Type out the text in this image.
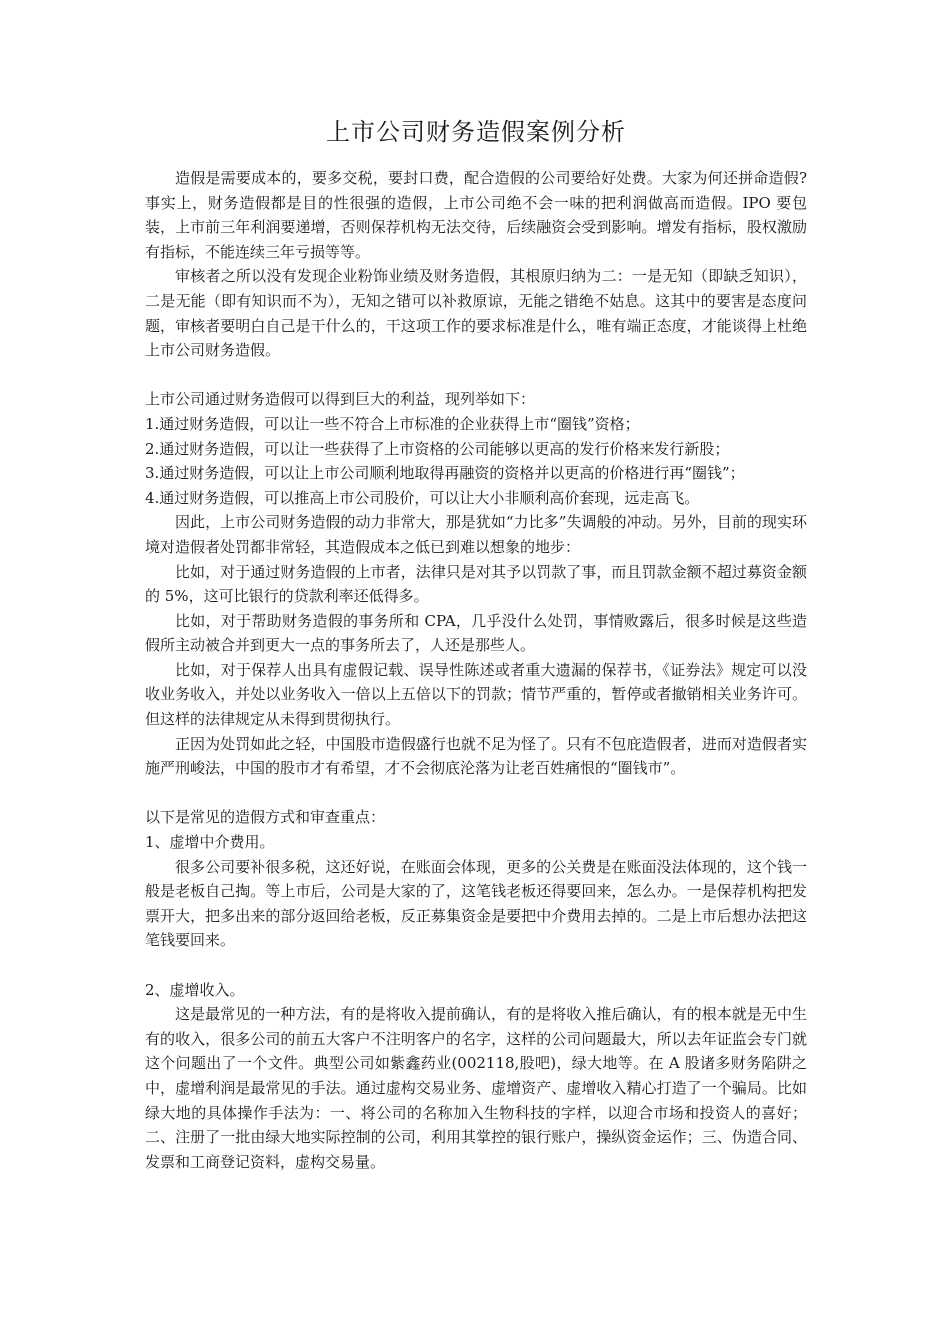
上市公司财务造假案例分析

造假是需要成本的，要多交税，要封口费，配合造假的公司要给好处费。大家为何还拼命造假?事实上，财务造假都是目的性很强的造假，上市公司绝不会一味的把利润做高而造假。IPO 要包装，上市前三年利润要递增，否则保荐机构无法交待，后续融资会受到影响。增发有指标，股权激励有指标，不能连续三年亏损等等。

审核者之所以没有发现企业粉饰业绩及财务造假，其根原归纳为二：一是无知（即缺乏知识），二是无能（即有知识而不为），无知之错可以补救原谅，无能之错绝不姑息。这其中的要害是态度问题，审核者要明白自己是干什么的，干这项工作的要求标准是什么，唯有端正态度，才能谈得上杜绝上市公司财务造假。

上市公司通过财务造假可以得到巨大的利益，现列举如下：

1.通过财务造假，可以让一些不符合上市标准的企业获得上市“圈钱”资格；

2.通过财务造假，可以让一些获得了上市资格的公司能够以更高的发行价格来发行新股；

3.通过财务造假，可以让上市公司顺利地取得再融资的资格并以更高的价格进行再“圈钱”；

4.通过财务造假，可以推高上市公司股价，可以让大小非顺利高价套现，远走高飞。

因此，上市公司财务造假的动力非常大，那是犹如“力比多”失调般的冲动。另外，目前的现实环境对造假者处罚都非常轻，其造假成本之低已到难以想象的地步：

比如，对于通过财务造假的上市者，法律只是对其予以罚款了事，而且罚款金额不超过募资金额的 5%，这可比银行的贷款利率还低得多。

比如，对于帮助财务造假的事务所和 CPA，几乎没什么处罚，事情败露后，很多时候是这些造假所主动被合并到更大一点的事务所去了，人还是那些人。

比如，对于保荐人出具有虚假记载、误导性陈述或者重大遗漏的保荐书，《证券法》规定可以没收业务收入，并处以业务收入一倍以上五倍以下的罚款；情节严重的，暂停或者撤销相关业务许可。但这样的法律规定从未得到贯彻执行。

正因为处罚如此之轻，中国股市造假盛行也就不足为怪了。只有不包庇造假者，进而对造假者实施严刑峻法，中国的股市才有希望，才不会彻底沦落为让老百姓痛恨的“圈钱市”。

以下是常见的造假方式和审查重点：

1、虚增中介费用。

很多公司要补很多税，这还好说，在账面会体现，更多的公关费是在账面没法体现的，这个钱一般是老板自己掏。等上市后，公司是大家的了，这笔钱老板还得要回来，怎么办。一是保荐机构把发票开大，把多出来的部分返回给老板，反正募集资金是要把中介费用去掉的。二是上市后想办法把这笔钱要回来。

2、虚增收入。

这是最常见的一种方法，有的是将收入提前确认，有的是将收入推后确认，有的根本就是无中生有的收入，很多公司的前五大客户不注明客户的名字，这样的公司问题最大，所以去年证监会专门就这个问题出了一个文件。典型公司如紫鑫药业(002118,股吧)，绿大地等。在 A 股诸多财务陷阱之中，虚增利润是最常见的手法。通过虚构交易业务、虚增资产、虚增收入精心打造了一个骗局。比如绿大地的具体操作手法为：一、将公司的名称加入生物科技的字样，以迎合市场和投资人的喜好；二、注册了一批由绿大地实际控制的公司，利用其掌控的银行账户，操纵资金运作；三、伪造合同、发票和工商登记资料，虚构交易量。
